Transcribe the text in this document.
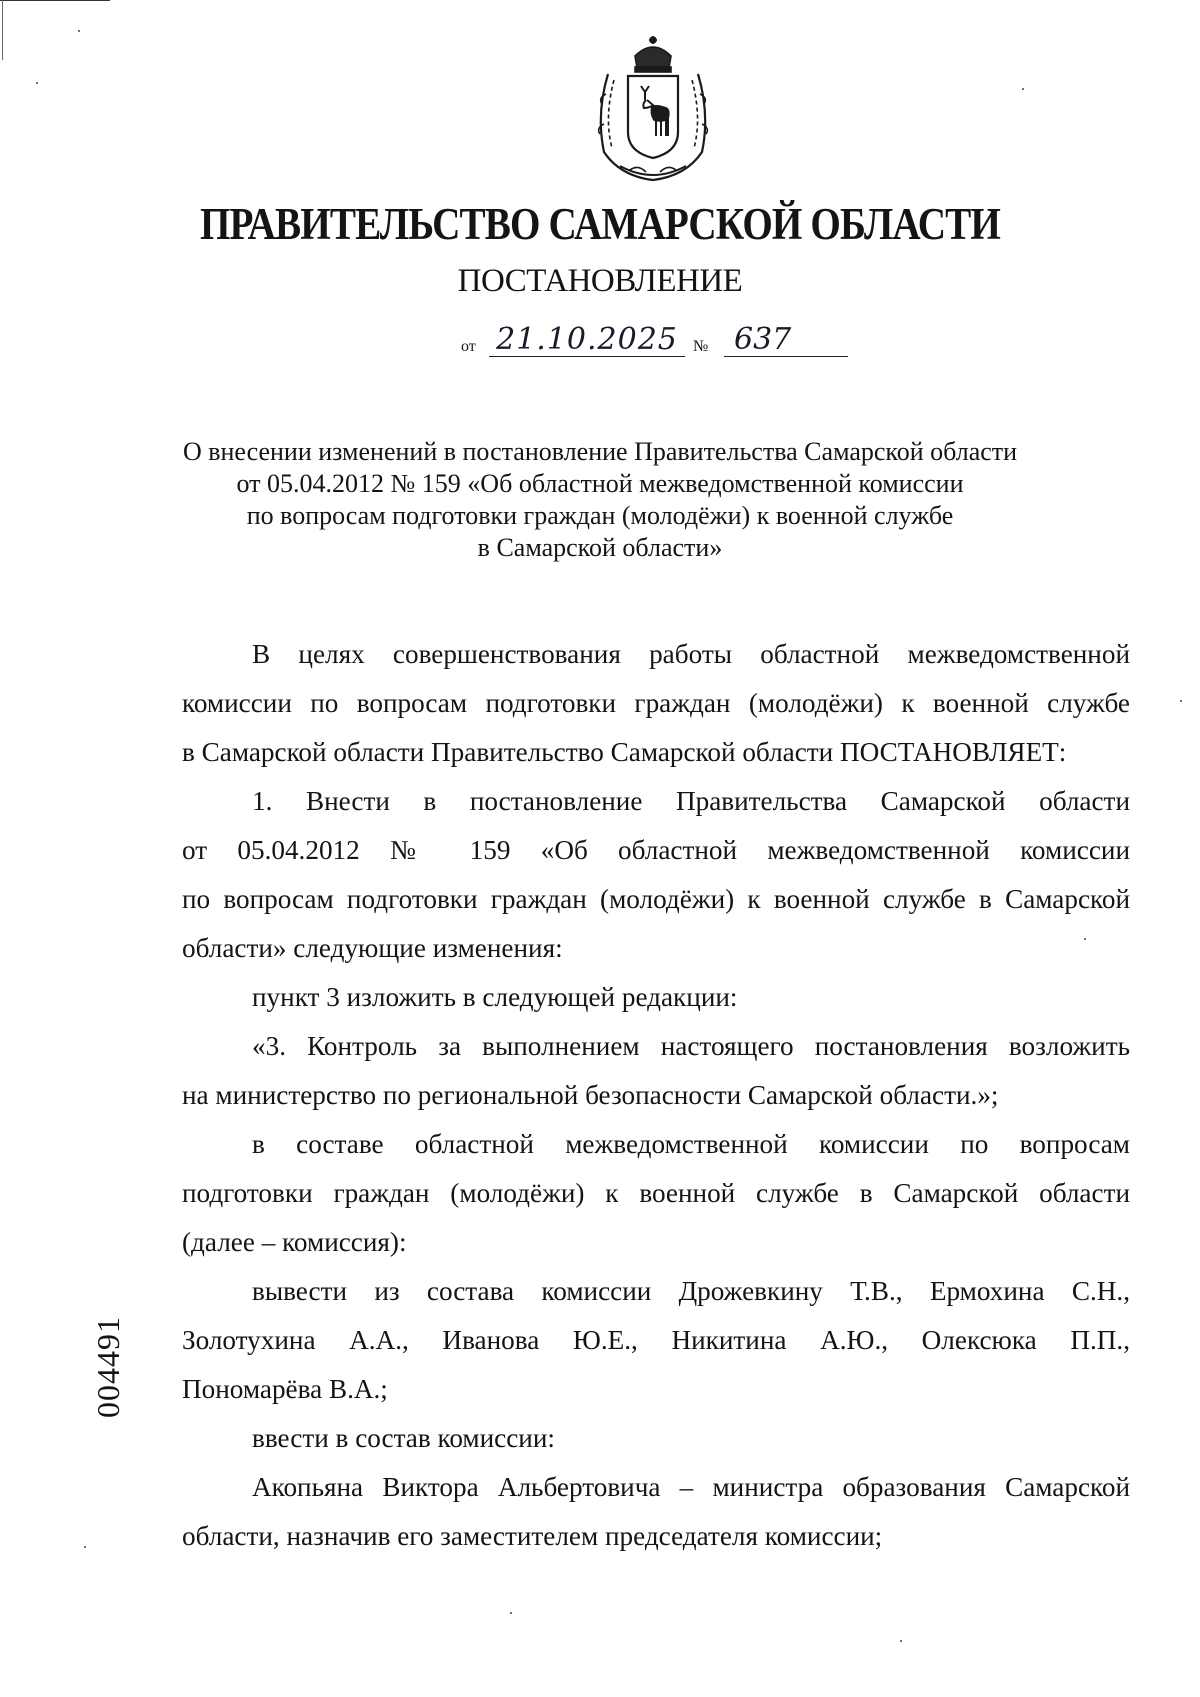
ПРАВИТЕЛЬСТВО САМАРСКОЙ ОБЛАСТИ
ПОСТАНОВЛЕНИЕ
от 21.10.2025 № 637
О внесении изменений в постановление Правительства Самарской области
от 05.04.2012 № 159 «Об областной межведомственной комиссии
по вопросам подготовки граждан (молодёжи) к военной службе
в Самарской области»
В целях совершенствования работы областной межведомственной
комиссии по вопросам подготовки граждан (молодёжи) к военной службе
в Самарской области Правительство Самарской области ПОСТАНОВЛЯЕТ:
1. Внести в постановление Правительства Самарской области
от 05.04.2012 № 159 «Об областной межведомственной комиссии
по вопросам подготовки граждан (молодёжи) к военной службе в Самарской
области» следующие изменения:
пункт 3 изложить в следующей редакции:
«3. Контроль за выполнением настоящего постановления возложить
на министерство по региональной безопасности Самарской области.»;
в составе областной межведомственной комиссии по вопросам
подготовки граждан (молодёжи) к военной службе в Самарской области
(далее – комиссия):
вывести из состава комиссии Дрожевкину Т.В., Ермохина С.Н.,
Золотухина А.А., Иванова Ю.Е., Никитина А.Ю., Олексюка П.П.,
Пономарёва В.А.;
ввести в состав комиссии:
Акопьяна Виктора Альбертовича – министра образования Самарской
области, назначив его заместителем председателя комиссии;
004491
